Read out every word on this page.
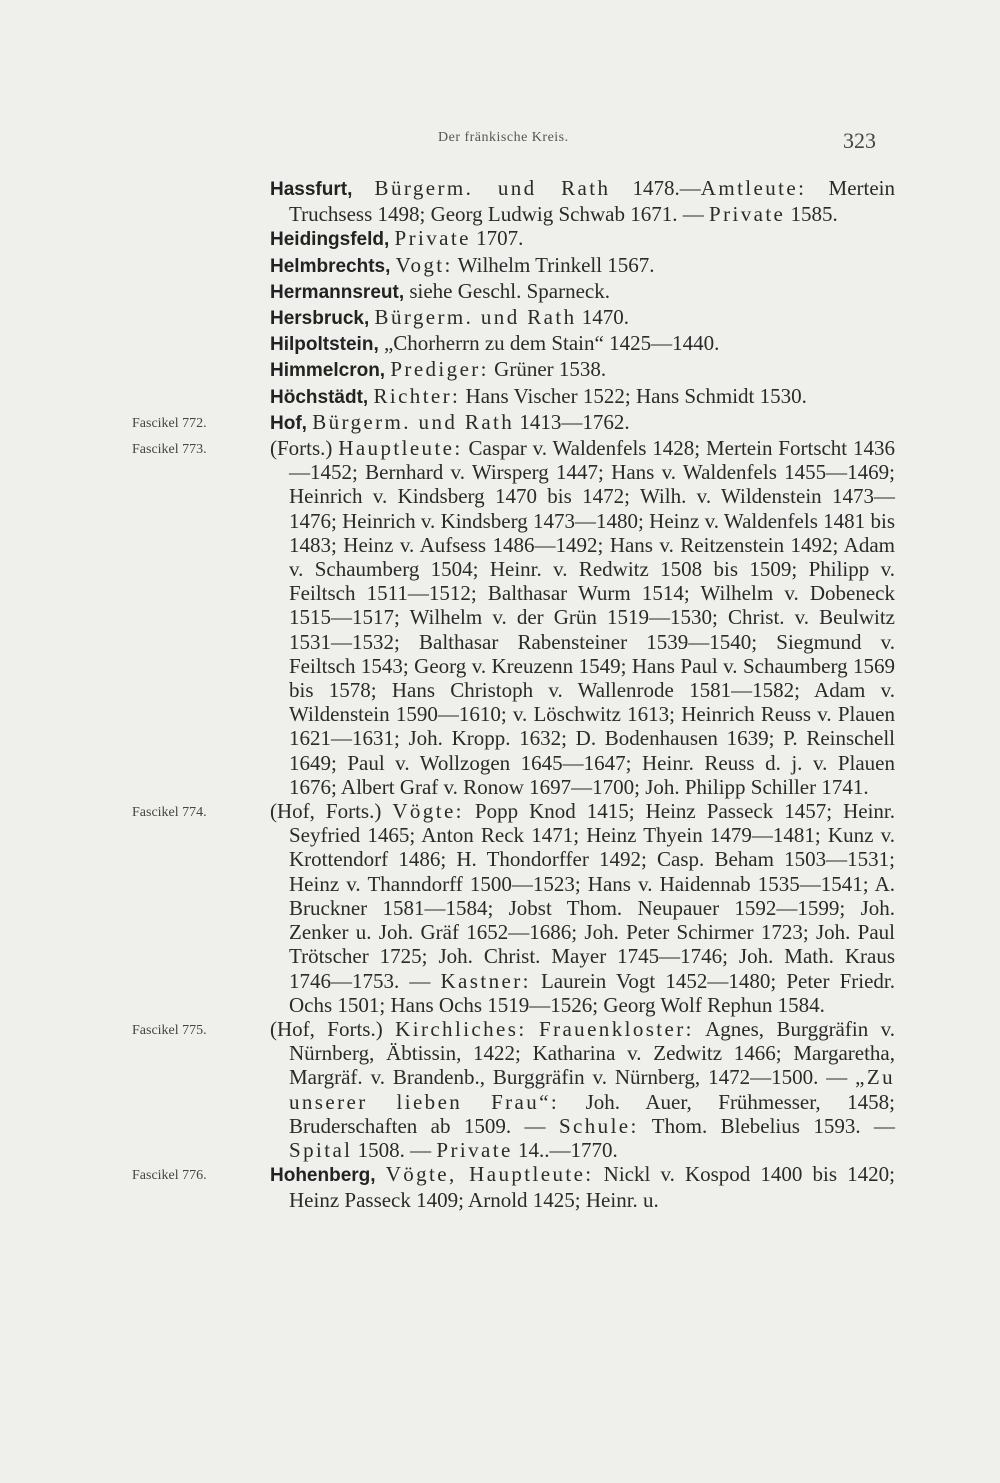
Der fränkische Kreis.	323

Hassfurt, Bürgerm. und Rath 1478.—Amtleute: Mertein Truchsess 1498; Georg Ludwig Schwab 1671. — Private 1585.

Heidingsfeld, Private 1707.

Helmbrechts, Vogt: Wilhelm Trinkell 1567.

Hermannsreut, siehe Geschl. Sparneck.

Hersbruck, Bürgerm. und Rath 1470.

Hilpoltstein, „Chorherrn zu dem Stain“ 1425—1440.

Himmelcron, Prediger: Grüner 1538.

Höchstädt, Richter: Hans Vischer 1522; Hans Schmidt 1530.

Fascikel 772.	Hof, Bürgerm. und Rath 1413—1762.

Fascikel 773.	(Forts.) Hauptleute: Caspar v. Waldenfels 1428; Mertein Fortscht 1436—1452; Bernhard v. Wirsperg 1447; Hans v. Waldenfels 1455—1469; Heinrich v. Kindsberg 1470 bis 1472; Wilh. v. Wildenstein 1473—1476; Heinrich v. Kindsberg 1473—1480; Heinz v. Waldenfels 1481 bis 1483; Heinz v. Aufsess 1486—1492; Hans v. Reitzenstein 1492; Adam v. Schaumberg 1504; Heinr. v. Redwitz 1508 bis 1509; Philipp v. Feiltsch 1511—1512; Balthasar Wurm 1514; Wilhelm v. Dobeneck 1515—1517; Wilhelm v. der Grün 1519—1530; Christ. v. Beulwitz 1531—1532; Balthasar Rabensteiner 1539—1540; Siegmund v. Feiltsch 1543; Georg v. Kreuzenn 1549; Hans Paul v. Schaumberg 1569 bis 1578; Hans Christoph v. Wallenrode 1581—1582; Adam v. Wildenstein 1590—1610; v. Löschwitz 1613; Heinrich Reuss v. Plauen 1621—1631; Joh. Kropp. 1632; D. Bodenhausen 1639; P. Reinschell 1649; Paul v. Wollzogen 1645—1647; Heinr. Reuss d. j. v. Plauen 1676; Albert Graf v. Ronow 1697—1700; Joh. Philipp Schiller 1741.

Fascikel 774.	(Hof, Forts.) Vögte: Popp Knod 1415; Heinz Passeck 1457; Heinr. Seyfried 1465; Anton Reck 1471; Heinz Thyein 1479—1481; Kunz v. Krottendorf 1486; H. Thondorffer 1492; Casp. Beham 1503—1531; Heinz v. Thanndorff 1500—1523; Hans v. Haidennab 1535—1541; A. Bruckner 1581—1584; Jobst Thom. Neupauer 1592—1599; Joh. Zenker u. Joh. Gräf 1652—1686; Joh. Peter Schirmer 1723; Joh. Paul Trötscher 1725; Joh. Christ. Mayer 1745—1746; Joh. Math. Kraus 1746—1753. — Kastner: Laurein Vogt 1452—1480; Peter Friedr. Ochs 1501; Hans Ochs 1519—1526; Georg Wolf Rephun 1584.

Fascikel 775.	(Hof, Forts.) Kirchliches: Frauenkloster: Agnes, Burggräfin v. Nürnberg, Äbtissin, 1422; Katharina v. Zedwitz 1466; Margaretha, Margräf. v. Brandenb., Burggräfin v. Nürnberg, 1472—1500. — „Zu unserer lieben Frau“: Joh. Auer, Frühmesser, 1458; Bruderschaften ab 1509. — Schule: Thom. Blebelius 1593. — Spital 1508. — Private 14..—1770.

Fascikel 776.	Hohenberg, Vögte, Hauptleute: Nickl v. Kospod 1400 bis 1420; Heinz Passeck 1409; Arnold 1425; Heinr. u.
